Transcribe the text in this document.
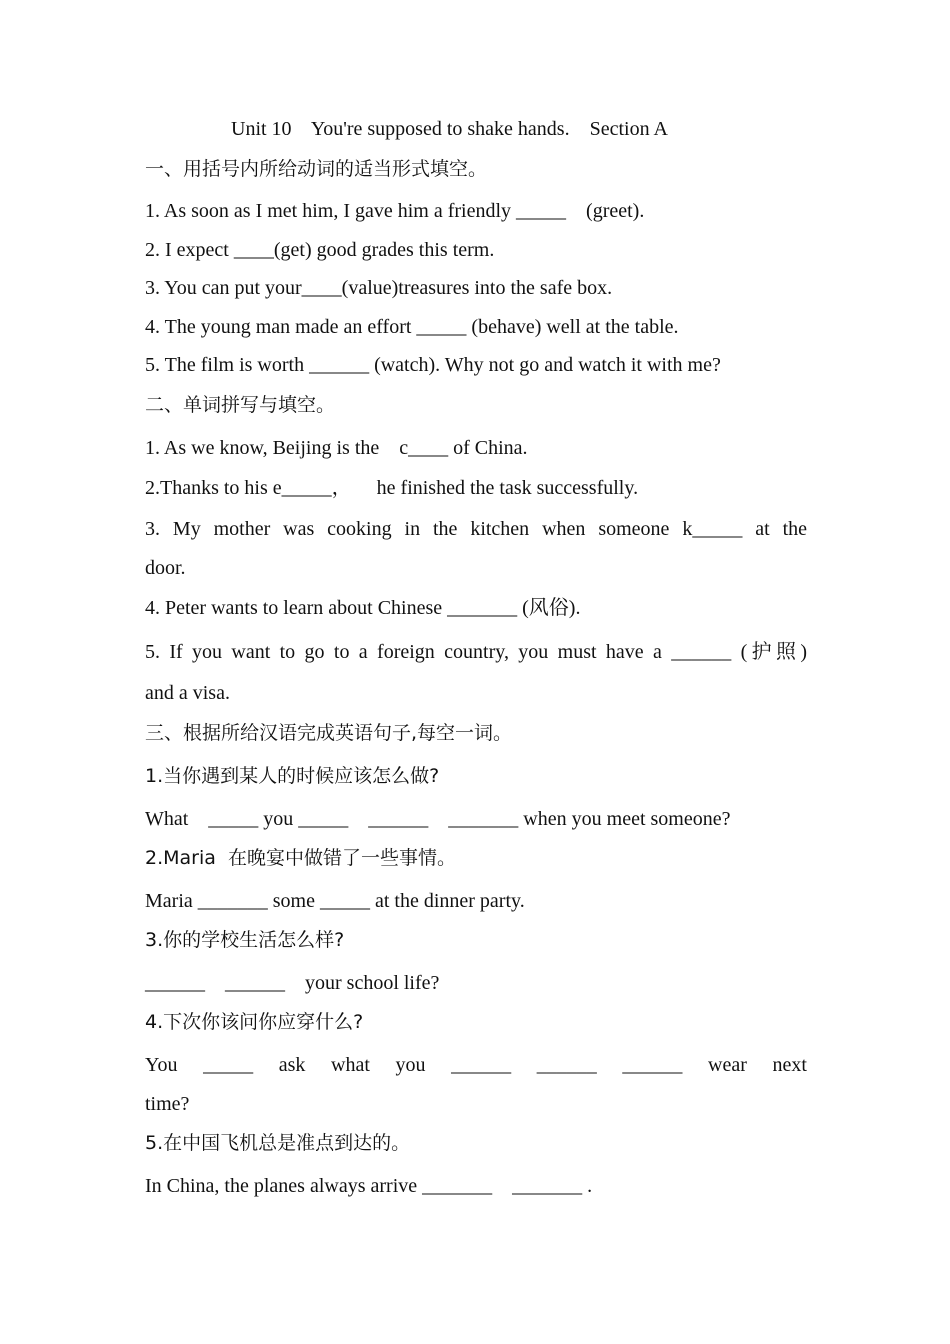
Unit 10    You're supposed to shake hands.    Section A
一、用括号内所给动词的适当形式填空。
1. As soon as I met him, I gave him a friendly _____    (greet).
2. I expect ____(get) good grades this term.
3. You can put your____(value)treasures into the safe box.
4. The young man made an effort _____ (behave) well at the table.
5. The film is worth ______ (watch). Why not go and watch it with me?
二、单词拼写与填空。
1. As we know, Beijing is the    c____ of China.
2.Thanks to his e_____，     he finished the task successfully.
3. My mother was cooking in the kitchen when someone k_____ at the
door.
4. Peter wants to learn about Chinese _______ (风俗).
5. If you want to go to a foreign country, you must have a ______ (护照)
and a visa.
三、根据所给汉语完成英语句子,每空一词。
1.当你遇到某人的时候应该怎么做?
What    _____ you _____    ______    _______ when you meet someone?
2.Maria  在晚宴中做错了一些事情。
Maria _______ some _____ at the dinner party.
3.你的学校生活怎么样?
______    ______    your school life?
4.下次你该问你应穿什么?
You _____ ask what you ______ ______ ______ wear next
time?
5.在中国飞机总是准点到达的。
In China, the planes always arrive _______    _______ .
